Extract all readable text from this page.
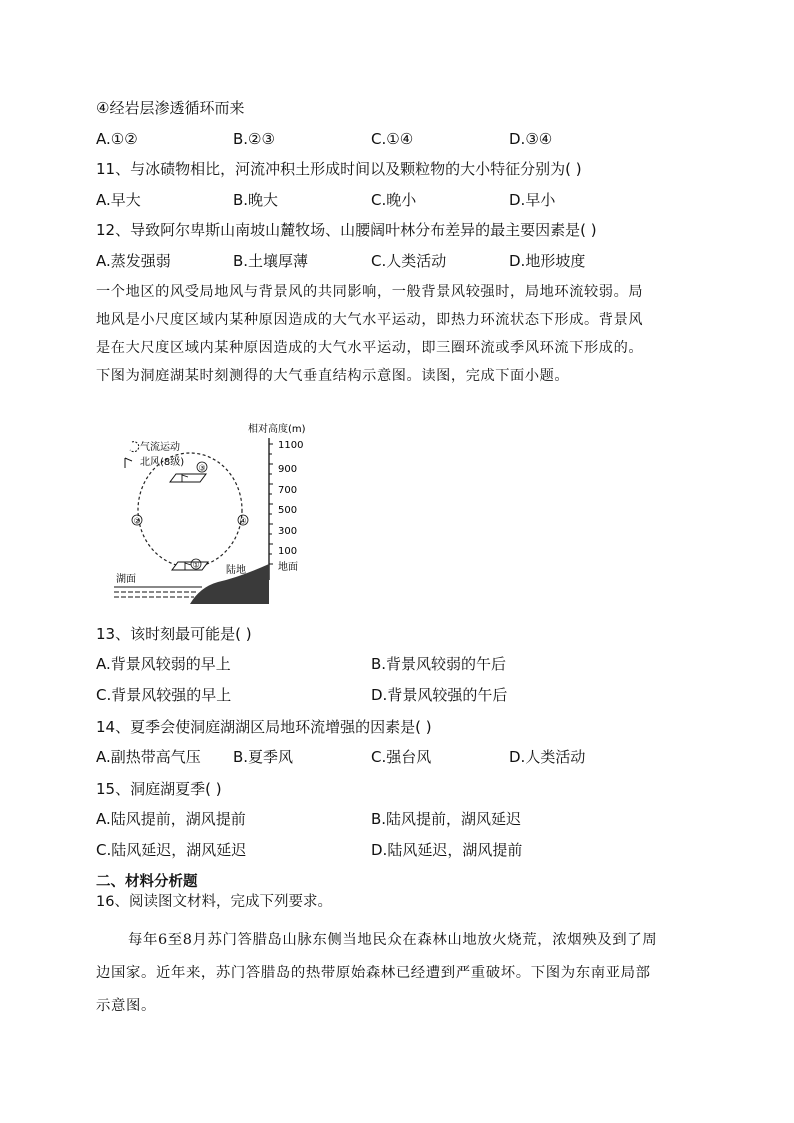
④经岩层渗透循环而来
A.①②	B.②③	C.①④	D.③④
11、与冰碛物相比，河流冲积土形成时间以及颗粒物的大小特征分别为( )
A.早大	B.晚大	C.晚小	D.早小
12、导致阿尔卑斯山南坡山麓牧场、山腰阔叶林分布差异的最主要因素是( )
A.蒸发强弱	B.土壤厚薄	C.人类活动	D.地形坡度
一个地区的风受局地风与背景风的共同影响，一般背景风较强时，局地环流较弱。局
地风是小尺度区域内某种原因造成的大气水平运动，即热力环流状态下形成。背景风
是在大尺度区域内某种原因造成的大气水平运动，即三圈环流或季风环流下形成的。
下图为洞庭湖某时刻测得的大气垂直结构示意图。读图，完成下面小题。
相对高度(m)
1100
900
700
500
300
100
地面
气流运动
北风(8级) ③
①
②	④
陆地
湖面
13、该时刻最可能是( )
A.背景风较弱的早上	B.背景风较弱的午后
C.背景风较强的早上	D.背景风较强的午后
14、夏季会使洞庭湖湖区局地环流增强的因素是( )
A.副热带高气压 B.夏季风	C.强台风	D.人类活动
15、洞庭湖夏季( )
A.陆风提前，湖风提前	B.陆风提前，湖风延迟
C.陆风延迟，湖风延迟	D.陆风延迟，湖风提前
二、材料分析题
16、阅读图文材料，完成下列要求。
每年6至8月苏门答腊岛山脉东侧当地民众在森林山地放火烧荒，浓烟殃及到了周
边国家。近年来，苏门答腊岛的热带原始森林已经遭到严重破坏。下图为东南亚局部
示意图。
